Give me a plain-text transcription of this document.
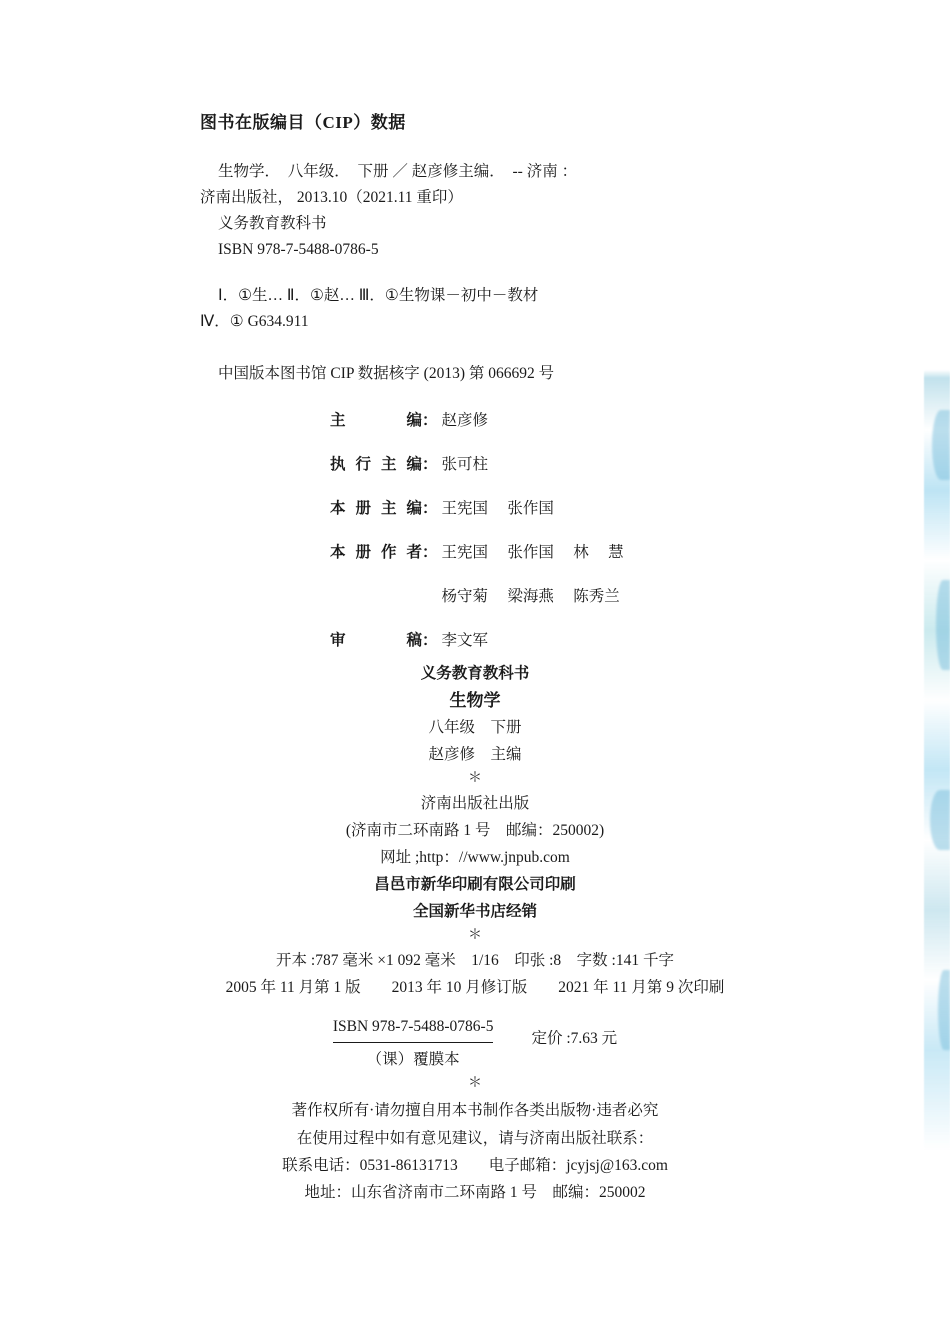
图书在版编目（CIP）数据
生物学．  八年级．  下册 ／ 赵彦修主编．  -- 济南 ：
济南出版社， 2013.10（2021.11 重印）
义务教育教科书
ISBN 978-7-5488-0786-5
Ⅰ．①生… Ⅱ．①赵… Ⅲ．①生物课－初中－教材
Ⅳ．① G634.911
中国版本图书馆 CIP 数据核字 (2013) 第 066692 号
主　　编 ： 赵彦修
执行主编 ： 张可柱
本册主编 ： 王宪国　 张作国
本册作者 ： 王宪国　 张作国　 林　 慧
杨守菊　 梁海燕　 陈秀兰
审　　稿 ： 李文军
义务教育教科书
生物学
八年级　下册
赵彦修　主编
＊
济南出版社出版
(济南市二环南路 1 号　邮编：250002)
网址 ;http：//www.jnpub.com
昌邑市新华印刷有限公司印刷
全国新华书店经销
＊
开本 :787 毫米 ×1 092 毫米　1/16　印张 :8　字数 :141 千字
2005 年 11 月第 1 版　　2013 年 10 月修订版　　2021 年 11 月第 9 次印刷
ISBN 978-7-5488-0786-5
（课）覆膜本
定价 :7.63 元
＊
著作权所有·请勿擅自用本书制作各类出版物·违者必究
在使用过程中如有意见建议，请与济南出版社联系：
联系电话：0531-86131713　　电子邮箱：jcyjsj@163.com
地址：山东省济南市二环南路 1 号　邮编：250002
